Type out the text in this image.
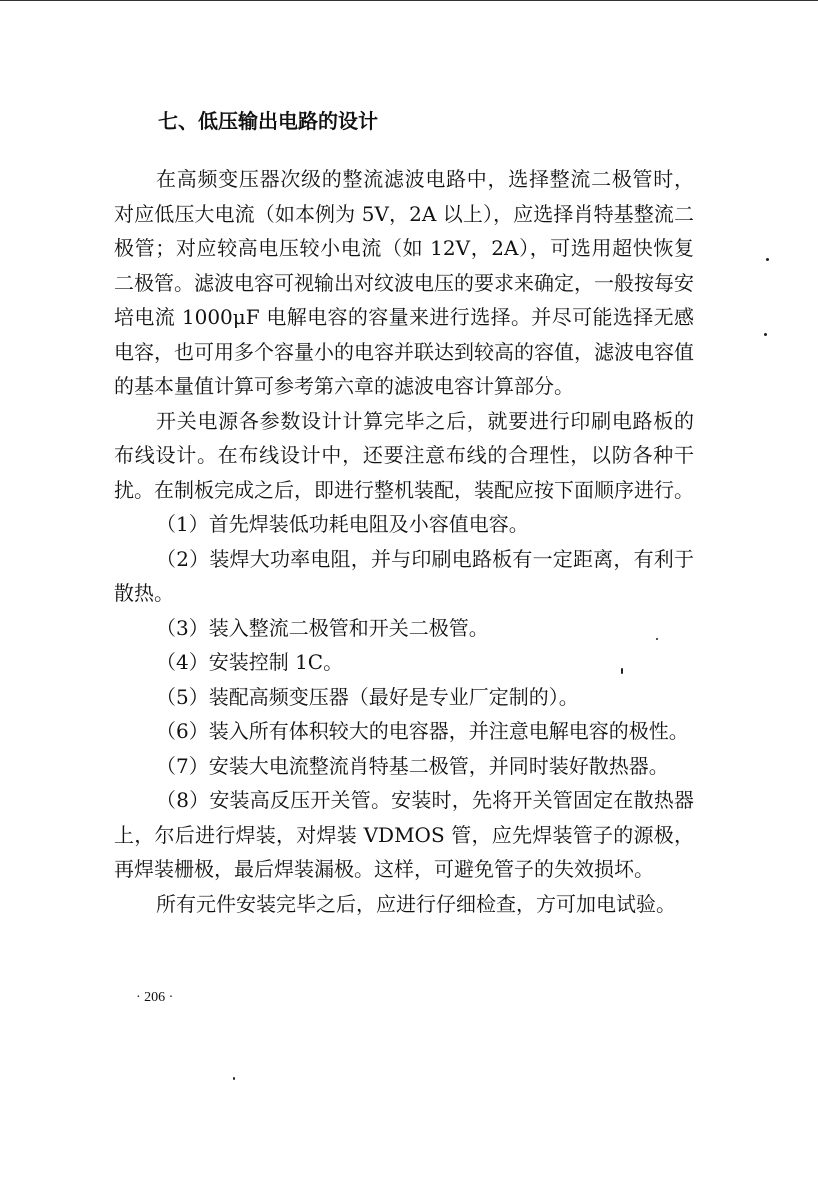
七、低压输出电路的设计

在高频变压器次级的整流滤波电路中，选择整流二极管时，对应低压大电流（如本例为 5V，2A 以上），应选择肖特基整流二极管；对应较高电压较小电流（如 12V，2A），可选用超快恢复二极管。滤波电容可视输出对纹波电压的要求来确定，一般按每安培电流 1000μF 电解电容的容量来进行选择。并尽可能选择无感电容，也可用多个容量小的电容并联达到较高的容值，滤波电容值的基本量值计算可参考第六章的滤波电容计算部分。

开关电源各参数设计计算完毕之后，就要进行印刷电路板的布线设计。在布线设计中，还要注意布线的合理性，以防各种干扰。在制板完成之后，即进行整机装配，装配应按下面顺序进行。

（1）首先焊装低功耗电阻及小容值电容。

（2）装焊大功率电阻，并与印刷电路板有一定距离，有利于散热。

（3）装入整流二极管和开关二极管。

（4）安装控制 1C。

（5）装配高频变压器（最好是专业厂定制的）。

（6）装入所有体积较大的电容器，并注意电解电容的极性。

（7）安装大电流整流肖特基二极管，并同时装好散热器。

（8）安装高反压开关管。安装时，先将开关管固定在散热器上，尔后进行焊装，对焊装 VDMOS 管，应先焊装管子的源极，再焊装栅极，最后焊装漏极。这样，可避免管子的失效损坏。

所有元件安装完毕之后，应进行仔细检查，方可加电试验。

· 206 ·
